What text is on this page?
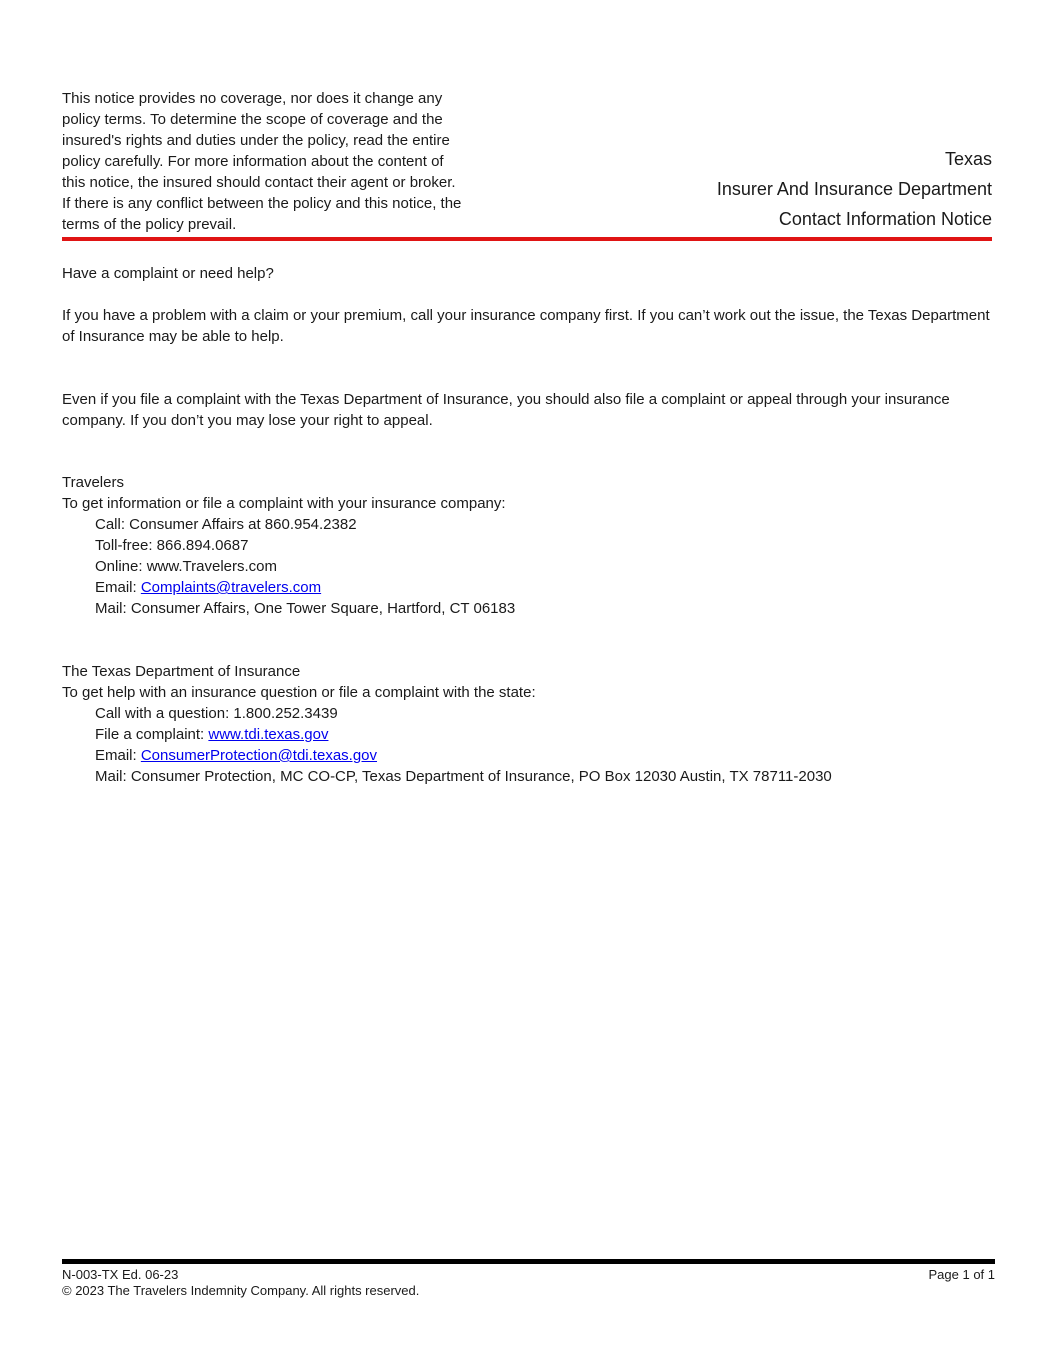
This notice provides no coverage, nor does it change any policy terms. To determine the scope of coverage and the insured's rights and duties under the policy, read the entire policy carefully. For more information about the content of this notice, the insured should contact their agent or broker. If there is any conflict between the policy and this notice, the terms of the policy prevail.

Texas
Insurer And Insurance Department
Contact Information Notice

Have a complaint or need help?

If you have a problem with a claim or your premium, call your insurance company first. If you can’t work out the issue, the Texas Department of Insurance may be able to help.

Even if you file a complaint with the Texas Department of Insurance, you should also file a complaint or appeal through your insurance company. If you don’t you may lose your right to appeal.

Travelers
To get information or file a complaint with your insurance company:
Call: Consumer Affairs at 860.954.2382
Toll-free: 866.894.0687
Online: www.Travelers.com
Email: Complaints@travelers.com
Mail: Consumer Affairs, One Tower Square, Hartford, CT 06183
The Texas Department of Insurance
To get help with an insurance question or file a complaint with the state:
Call with a question: 1.800.252.3439
File a complaint: www.tdi.texas.gov
Email: ConsumerProtection@tdi.texas.gov
Mail: Consumer Protection, MC CO-CP, Texas Department of Insurance, PO Box 12030 Austin, TX 78711-2030
N-003-TX Ed. 06-23	Page 1 of 1
© 2023 The Travelers Indemnity Company. All rights reserved.
